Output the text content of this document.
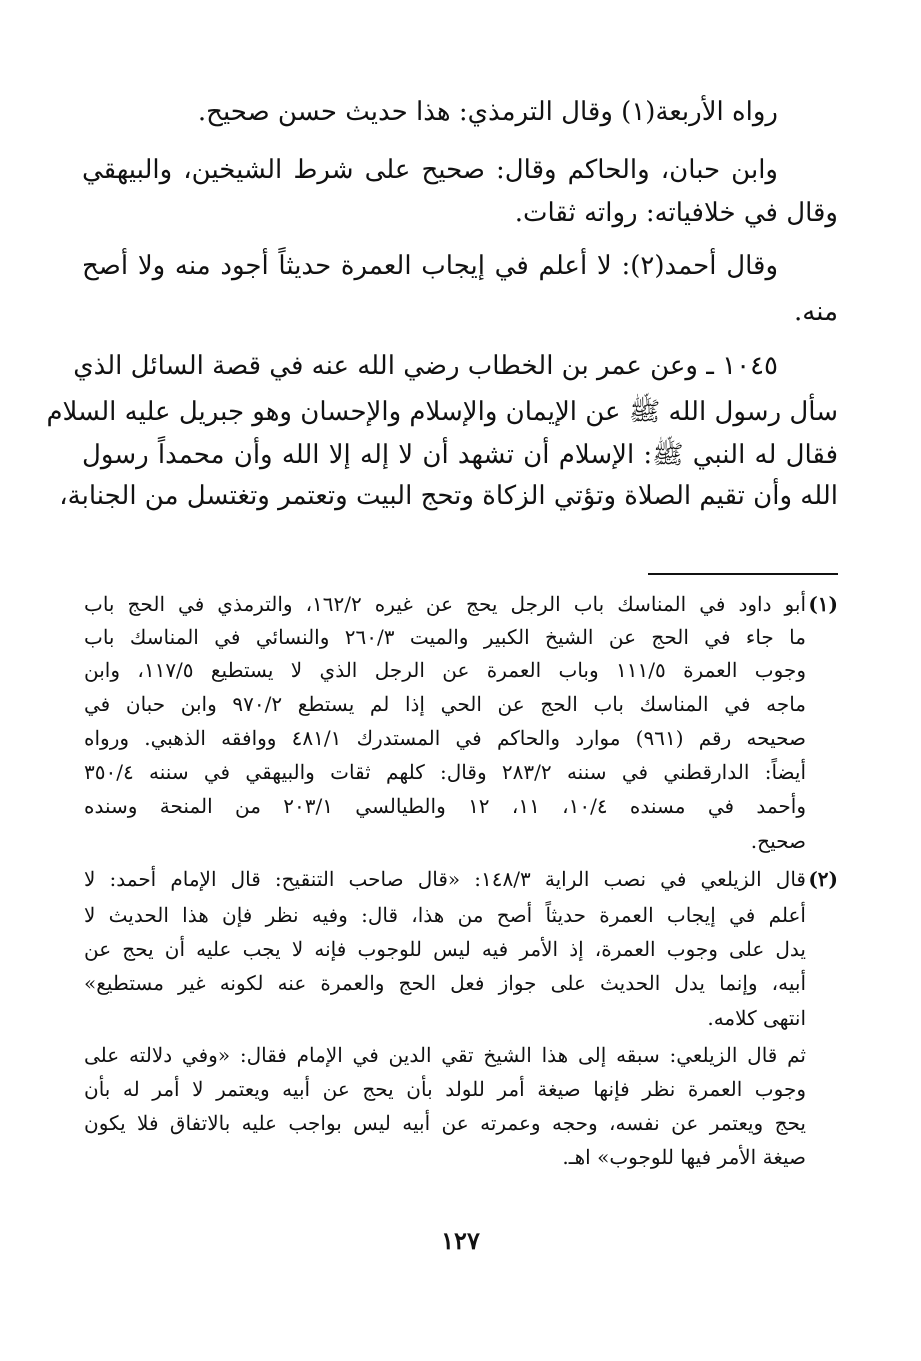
رواه الأربعة(١) وقال الترمذي: هذا حديث حسن صحيح.
وابن حبان، والحاكم وقال: صحيح على شرط الشيخين، والبيهقي
وقال في خلافياته: رواته ثقات.
وقال أحمد(٢): لا أعلم في إيجاب العمرة حديثاً أجود منه ولا أصح
منه.
١٠٤٥ ـ وعن عمر بن الخطاب رضي الله عنه في قصة السائل الذي
سأل رسول الله ﷺ عن الإيمان والإسلام والإحسان وهو جبريل عليه السلام
فقال له النبي ﷺ: الإسلام أن تشهد أن لا إله إلا الله وأن محمداً رسول
الله وأن تقيم الصلاة وتؤتي الزكاة وتحج البيت وتعتمر وتغتسل من الجنابة،
(١)
أبو داود في المناسك باب الرجل يحج عن غيره ١٦٢/٢، والترمذي في الحج باب
ما جاء في الحج عن الشيخ الكبير والميت ٢٦٠/٣ والنسائي في المناسك باب
وجوب العمرة ١١١/٥ وباب العمرة عن الرجل الذي لا يستطيع ١١٧/٥، وابن
ماجه في المناسك باب الحج عن الحي إذا لم يستطع ٩٧٠/٢ وابن حبان في
صحيحه رقم (٩٦١) موارد والحاكم في المستدرك ٤٨١/١ ووافقه الذهبي. ورواه
أيضاً: الدارقطني في سننه ٢٨٣/٢ وقال: كلهم ثقات والبيهقي في سننه ٣٥٠/٤
وأحمد في مسنده ١٠/٤، ١١، ١٢ والطيالسي ٢٠٣/١ من المنحة وسنده
صحيح.
(٢)
قال الزيلعي في نصب الراية ١٤٨/٣: «قال صاحب التنقيح: قال الإمام أحمد: لا
أعلم في إيجاب العمرة حديثاً أصح من هذا، قال: وفيه نظر فإن هذا الحديث لا
يدل على وجوب العمرة، إذ الأمر فيه ليس للوجوب فإنه لا يجب عليه أن يحج عن
أبيه، وإنما يدل الحديث على جواز فعل الحج والعمرة عنه لكونه غير مستطيع»
انتهى كلامه.
ثم قال الزيلعي: سبقه إلى هذا الشيخ تقي الدين في الإمام فقال: «وفي دلالته على
وجوب العمرة نظر فإنها صيغة أمر للولد بأن يحج عن أبيه ويعتمر لا أمر له بأن
يحج ويعتمر عن نفسه، وحجه وعمرته عن أبيه ليس بواجب عليه بالاتفاق فلا يكون
صيغة الأمر فيها للوجوب» اهـ.
١٢٧
